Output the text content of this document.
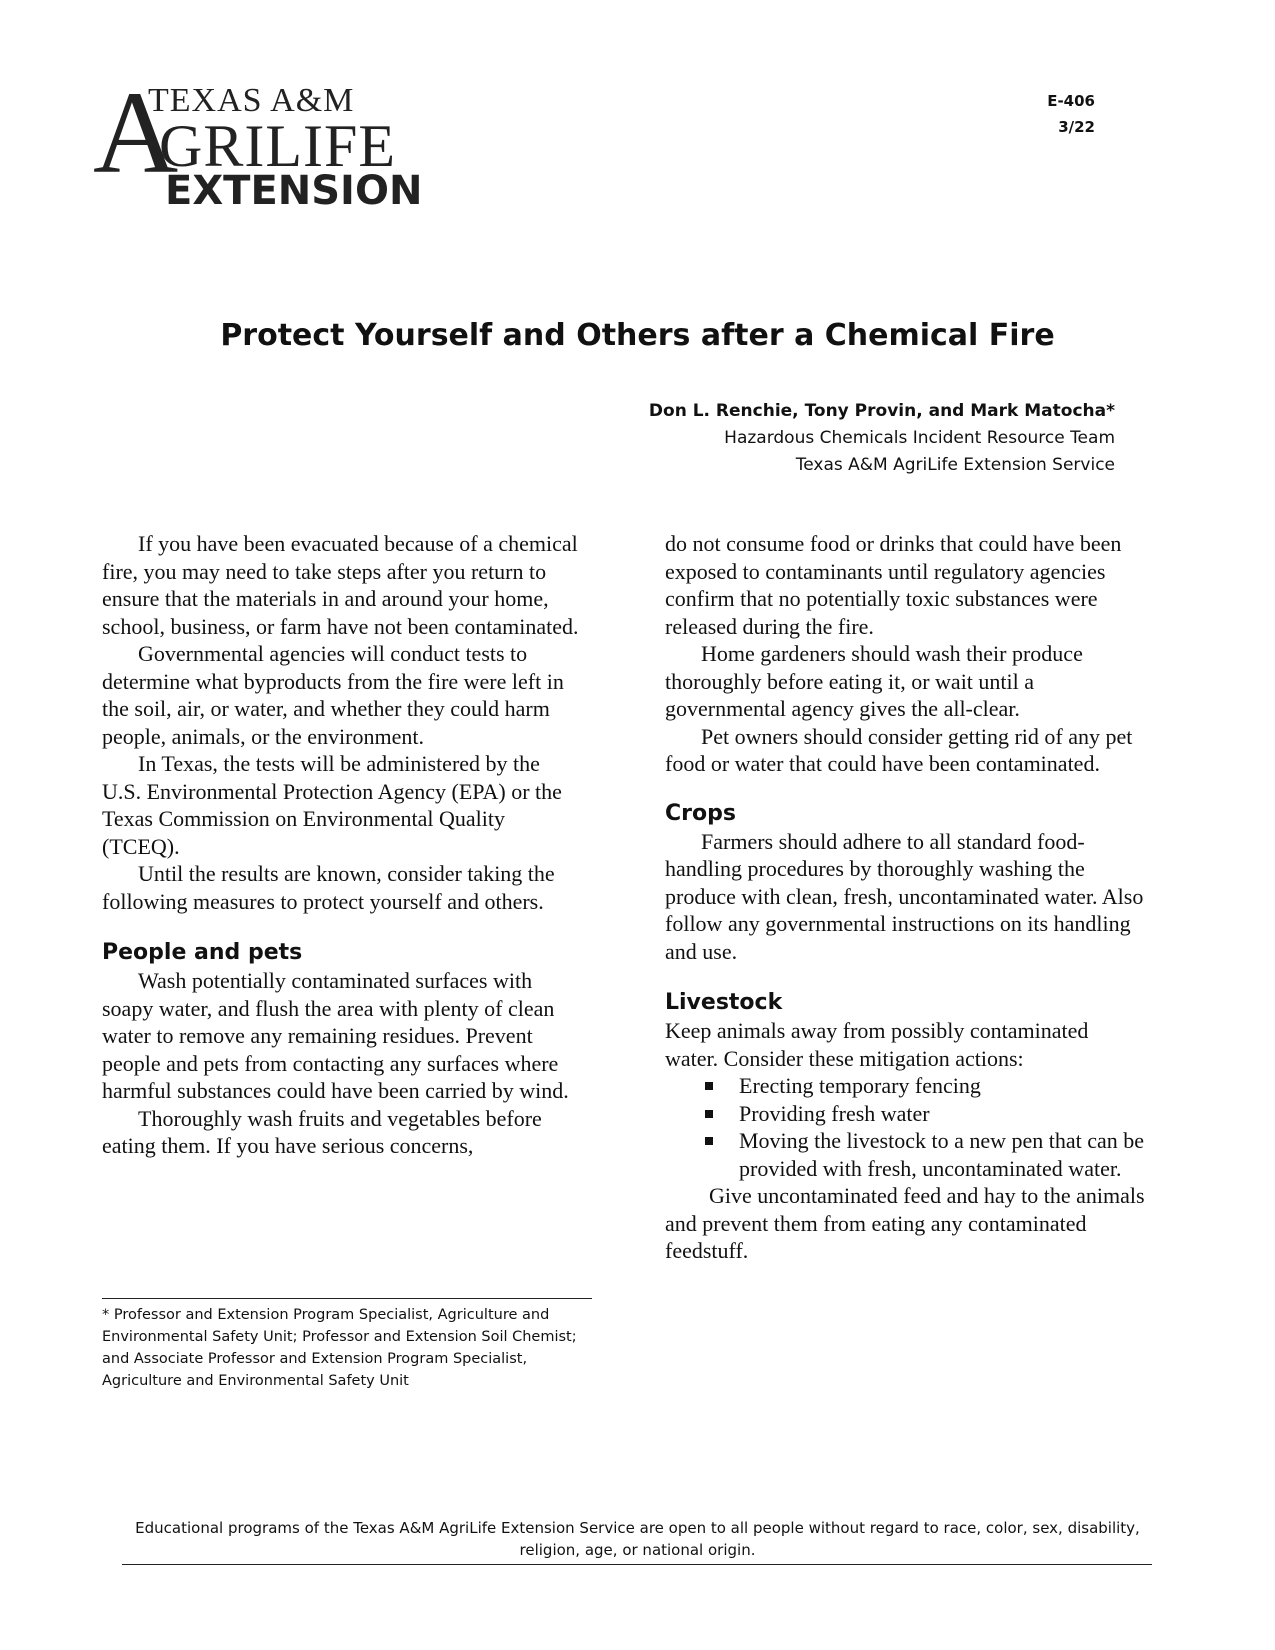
A
TEXAS A&M
GRILIFE
EXTENSION
E-406
3/22
Protect Yourself and Others after a Chemical Fire
Don L. Renchie, Tony Provin, and Mark Matocha*
Hazardous Chemicals Incident Resource Team
Texas A&M AgriLife Extension Service

If you have been evacuated because of a chemical fire, you may need to take steps after you return to ensure that the materials in and around your home, school, business, or farm have not been contaminated.

Governmental agencies will conduct tests to determine what byproducts from the fire were left in the soil, air, or water, and whether they could harm people, animals, or the environment.

In Texas, the tests will be administered by the U.S. Environmental Protection Agency (EPA) or the Texas Commission on Environmental Quality (TCEQ).

Until the results are known, consider taking the following measures to protect yourself and others.

People and pets

Wash potentially contaminated surfaces with soapy water, and flush the area with plenty of clean water to remove any remaining residues. Prevent people and pets from contacting any surfaces where harmful substances could have been carried by wind.

Thoroughly wash fruits and vegetables before eating them. If you have serious concerns,

do not consume food or drinks that could have been exposed to contaminants until regulatory agencies confirm that no potentially toxic substances were released during the fire.

Home gardeners should wash their produce thoroughly before eating it, or wait until a governmental agency gives the all-clear.

Pet owners should consider getting rid of any pet food or water that could have been contaminated.

Crops

Farmers should adhere to all standard food-handling procedures by thoroughly washing the produce with clean, fresh, uncontaminated water. Also follow any governmental instructions on its handling and use.

Livestock

Keep animals away from possibly contaminated water. Consider these mitigation actions:

Erecting temporary fencing
Providing fresh water
Moving the livestock to a new pen that can be provided with fresh, uncontaminated water.

Give uncontaminated feed and hay to the animals and prevent them from eating any contaminated feedstuff.

* Professor and Extension Program Specialist, Agriculture and Environmental Safety Unit; Professor and Extension Soil Chemist; and Associate Professor and Extension Program Specialist, Agriculture and Environmental Safety Unit
Educational programs of the Texas A&M AgriLife Extension Service are open to all people without regard to race, color, sex, disability, religion, age, or national origin.
